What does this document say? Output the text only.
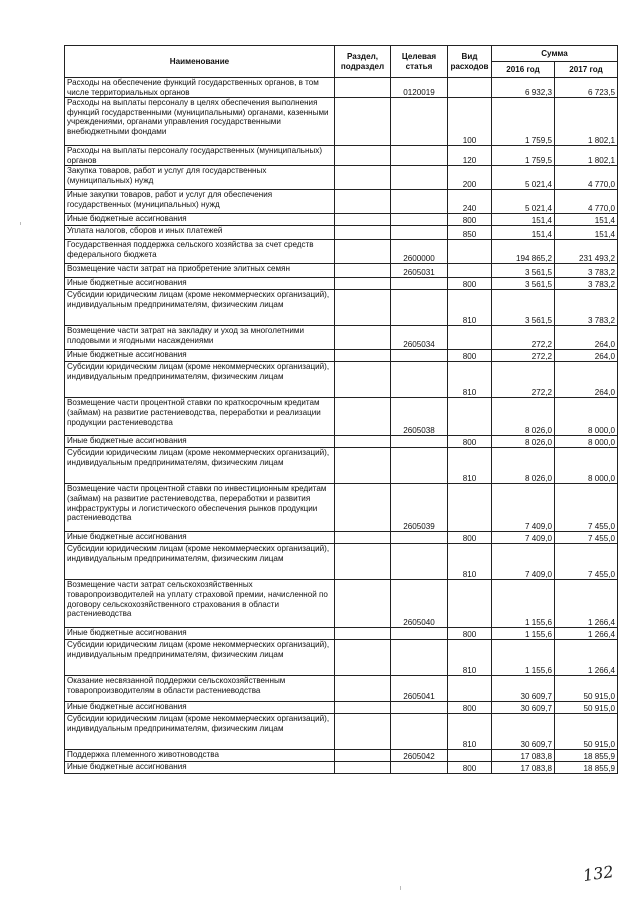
Наименование	Раздел, подраздел	Целевая статья	Вид расходов	Сумма	
				2016 год	2017 год
Расходы на обеспечение функций государственных органов, в том числе территориальных органов		0120019		6 932,3	6 723,5
Расходы на выплаты персоналу в целях обеспечения выполнения функций государственными (муниципальными) органами, казенными учреждениями, органами управления государственными внебюджетными фондами			100	1 759,5	1 802,1
Расходы на выплаты персоналу государственных (муниципальных) органов			120	1 759,5	1 802,1
Закупка товаров, работ и услуг для государственных (муниципальных) нужд			200	5 021,4	4 770,0
Иные закупки товаров, работ и услуг для обеспечения государственных (муниципальных) нужд			240	5 021,4	4 770,0
Иные бюджетные ассигнования			800	151,4	151,4
Уплата налогов, сборов и иных платежей			850	151,4	151,4
Государственная поддержка сельского хозяйства за счет средств федерального бюджета		2600000		194 865,2	231 493,2
Возмещение части затрат на приобретение элитных семян		2605031		3 561,5	3 783,2
Иные бюджетные ассигнования			800	3 561,5	3 783,2
Субсидии юридическим лицам (кроме некоммерческих организаций), индивидуальным предпринимателям, физическим лицам			810	3 561,5	3 783,2
Возмещение части затрат на закладку и уход за многолетними плодовыми и ягодными насаждениями		2605034		272,2	264,0
Иные бюджетные ассигнования			800	272,2	264,0
Субсидии юридическим лицам (кроме некоммерческих организаций), индивидуальным предпринимателям, физическим лицам			810	272,2	264,0
Возмещение части процентной ставки по краткосрочным кредитам (займам) на развитие растениеводства, переработки и реализации продукции растениеводства		2605038		8 026,0	8 000,0
Иные бюджетные ассигнования			800	8 026,0	8 000,0
Субсидии юридическим лицам (кроме некоммерческих организаций), индивидуальным предпринимателям, физическим лицам			810	8 026,0	8 000,0
Возмещение части процентной ставки по инвестиционным кредитам (займам) на развитие растениеводства, переработки и развития инфраструктуры и логистического обеспечения рынков продукции растениеводства		2605039		7 409,0	7 455,0
Иные бюджетные ассигнования			800	7 409,0	7 455,0
Субсидии юридическим лицам (кроме некоммерческих организаций), индивидуальным предпринимателям, физическим лицам			810	7 409,0	7 455,0
Возмещение части затрат сельскохозяйственных товаропроизводителей на уплату страховой премии, начисленной по договору сельскохозяйственного страхования в области растениеводства		2605040		1 155,6	1 266,4
Иные бюджетные ассигнования			800	1 155,6	1 266,4
Субсидии юридическим лицам (кроме некоммерческих организаций), индивидуальным предпринимателям, физическим лицам			810	1 155,6	1 266,4
Оказание несвязанной поддержки сельскохозяйственным товаропроизводителям в области растениеводства		2605041		30 609,7	50 915,0
Иные бюджетные ассигнования			800	30 609,7	50 915,0
Субсидии юридическим лицам (кроме некоммерческих организаций), индивидуальным предпринимателям, физическим лицам			810	30 609,7	50 915,0
Поддержка племенного животноводства		2605042		17 083,8	18 855,9
Иные бюджетные ассигнования			800	17 083,8	18 855,9
132
